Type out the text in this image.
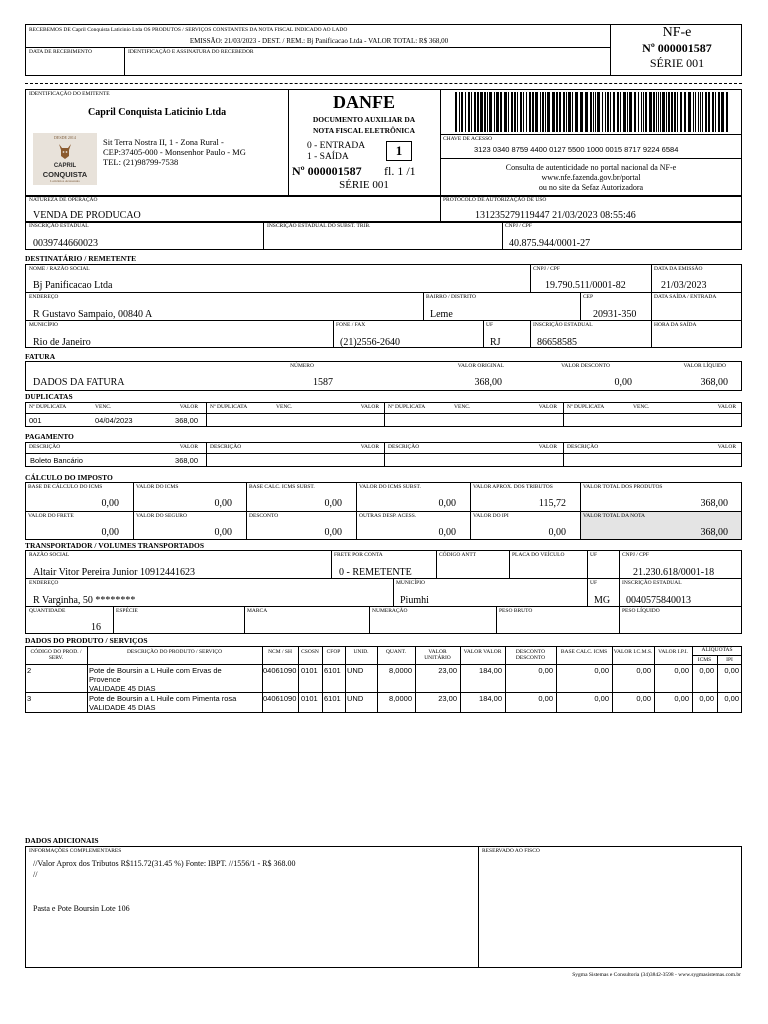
RECEBEMOS DE Capril Conquista Laticinio Ltda OS PRODUTOS / SERVIÇOS CONSTANTES DA NOTA FISCAL INDICADO AO LADO
EMISSÃO: 21/03/2023 - DEST. / REM.: Bj Panificacao Ltda - VALOR TOTAL: R$ 368,00
DATA DE RECEBIMENTO	IDENTIFICAÇÃO E ASSINATURA DO RECEBEDOR
NF-e
Nº 000001587
SÉRIE 001
IDENTIFICAÇÃO DO EMITENTE
Capril Conquista Laticinio Ltda
DESDE 2014
CAPRIL
CONQUISTA
Laticínios Artesanais
Sit Terra Nostra II, 1 - Zona Rural -
CEP:37405-000 - Monsenhor Paulo - MG
TEL: (21)98799-7538
DANFE
DOCUMENTO AUXILIAR DA
NOTA FISCAL ELETRÔNICA
0 - ENTRADA
1 - SAÍDA	1
Nº 000001587 fl. 1 /1
SÉRIE 001
CHAVE DE ACESSO
3123 0340 8759 4400 0127 5500 1000 0015 8717 9224 6584
Consulta de autenticidade no portal nacional da NF-e
www.nfe.fazenda.gov.br/portal
ou no site da Sefaz Autorizadora
NATUREZA DE OPERAÇÃO
VENDA DE PRODUCAO
PROTOCOLO DE AUTORIZAÇÃO DE USO
131235279119447 21/03/2023 08:55:46
INSCRIÇÃO ESTADUAL
0039744660023
INSCRIÇÃO ESTADUAL DO SUBST. TRIB.	CNPJ / CPF
40.875.944/0001-27
DESTINATÁRIO / REMETENTE
NOME / RAZÃO SOCIAL
Bj Panificacao Ltda
CNPJ / CPF
19.790.511/0001-82
DATA DA EMISSÃO
21/03/2023
ENDEREÇO
R Gustavo Sampaio, 00840 A
BAIRRO / DISTRITO
Leme
CEP
20931-350
DATA SAÍDA / ENTRADA
MUNICÍPIO
Rio de Janeiro
FONE / FAX
(21)2556-2640
UF
RJ
INSCRIÇÃO ESTADUAL
86658585
HORA DA SAÍDA
FATURA
NÚMERO	VALOR ORIGINAL	VALOR DESCONTO	VALOR LÍQUIDO
DADOS DA FATURA	1587	368,00	0,00	368,00
DUPLICATAS
Nº DUPLICATA	VENC.	VALOR Nº DUPLICATA	VENC.	VALOR Nº DUPLICATA	VENC.	VALOR Nº DUPLICATA	VENC.	VALOR
001	04/04/2023	368,00
PAGAMENTO
DESCRIÇÃO	VALOR DESCRIÇÃO	VALOR DESCRIÇÃO	VALOR DESCRIÇÃO	VALOR
Boleto Bancário	368,00
CÁLCULO DO IMPOSTO
BASE DE CÁLCULO DO ICMS
0,00
VALOR DO ICMS
0,00
BASE CALC. ICMS SUBST.
0,00
VALOR DO ICMS SUBST.
0,00
VALOR APROX. DOS TRIBUTOS
115,72
VALOR TOTAL DOS PRODUTOS
368,00
VALOR DO FRETE
0,00
VALOR DO SEGURO
0,00
DESCONTO
0,00
OUTRAS DESP. ACESS.
0,00
VALOR DO IPI
0,00
VALOR TOTAL DA NOTA
368,00
TRANSPORTADOR / VOLUMES TRANSPORTADOS
RAZÃO SOCIAL
Altair Vitor Pereira Junior 10912441623
FRETE POR CONTA
0 - REMETENTE
CÓDIGO ANTT	PLACA DO VEÍCULO	UF	CNPJ / CPF
21.230.618/0001-18
ENDEREÇO
R Varginha, 50 ********
MUNICÍPIO
Piumhi
UF
MG
INSCRIÇÃO ESTADUAL
0040575840013
QUANTIDADE
16
ESPÉCIE	MARCA	NUMERAÇÃO	PESO BRUTO	PESO LÍQUIDO
DADOS DO PRODUTO / SERVIÇOS
CÓDIGO DO PROD. / SERV.
DESCRIÇÃO DO PRODUTO / SERVIÇO	NCM / SH	CSOSN	CFOP	UNID.	QUANT.	VALOR UNITÁRIO
VALOR VALOR	DESCONTO DESCONTO
BASE CALC. ICMS	VALOR I.C.M.S.	VALOR I.P.I.	ALÍQUOTAS
ICMS	IPI
2	Pote de Boursin a L Huile com Ervas de
Provence
VALIDADE 45 DIAS
04061090 0101 6101 UND	8,0000	23,00	184,00	0,00	0,00	0,00	0,00	0,00	0,00
3	Pote de Boursin a L Huile com Pimenta rosa
VALIDADE 45 DIAS
04061090 0101 6101 UND	8,0000	23,00	184,00	0,00	0,00	0,00	0,00	0,00	0,00
DADOS ADICIONAIS
INFORMAÇÕES COMPLEMENTARES
//Valor Aprox dos Tributos R$115.72(31.45 %) Fonte: IBPT. //1556/1 - R$ 368.00
//
Pasta e Pote Boursin Lote 106
RESERVADO AO FISCO
Sygma Sistemas e Consultoria (34)3842-3598 - www.sygmasistemas.com.br
